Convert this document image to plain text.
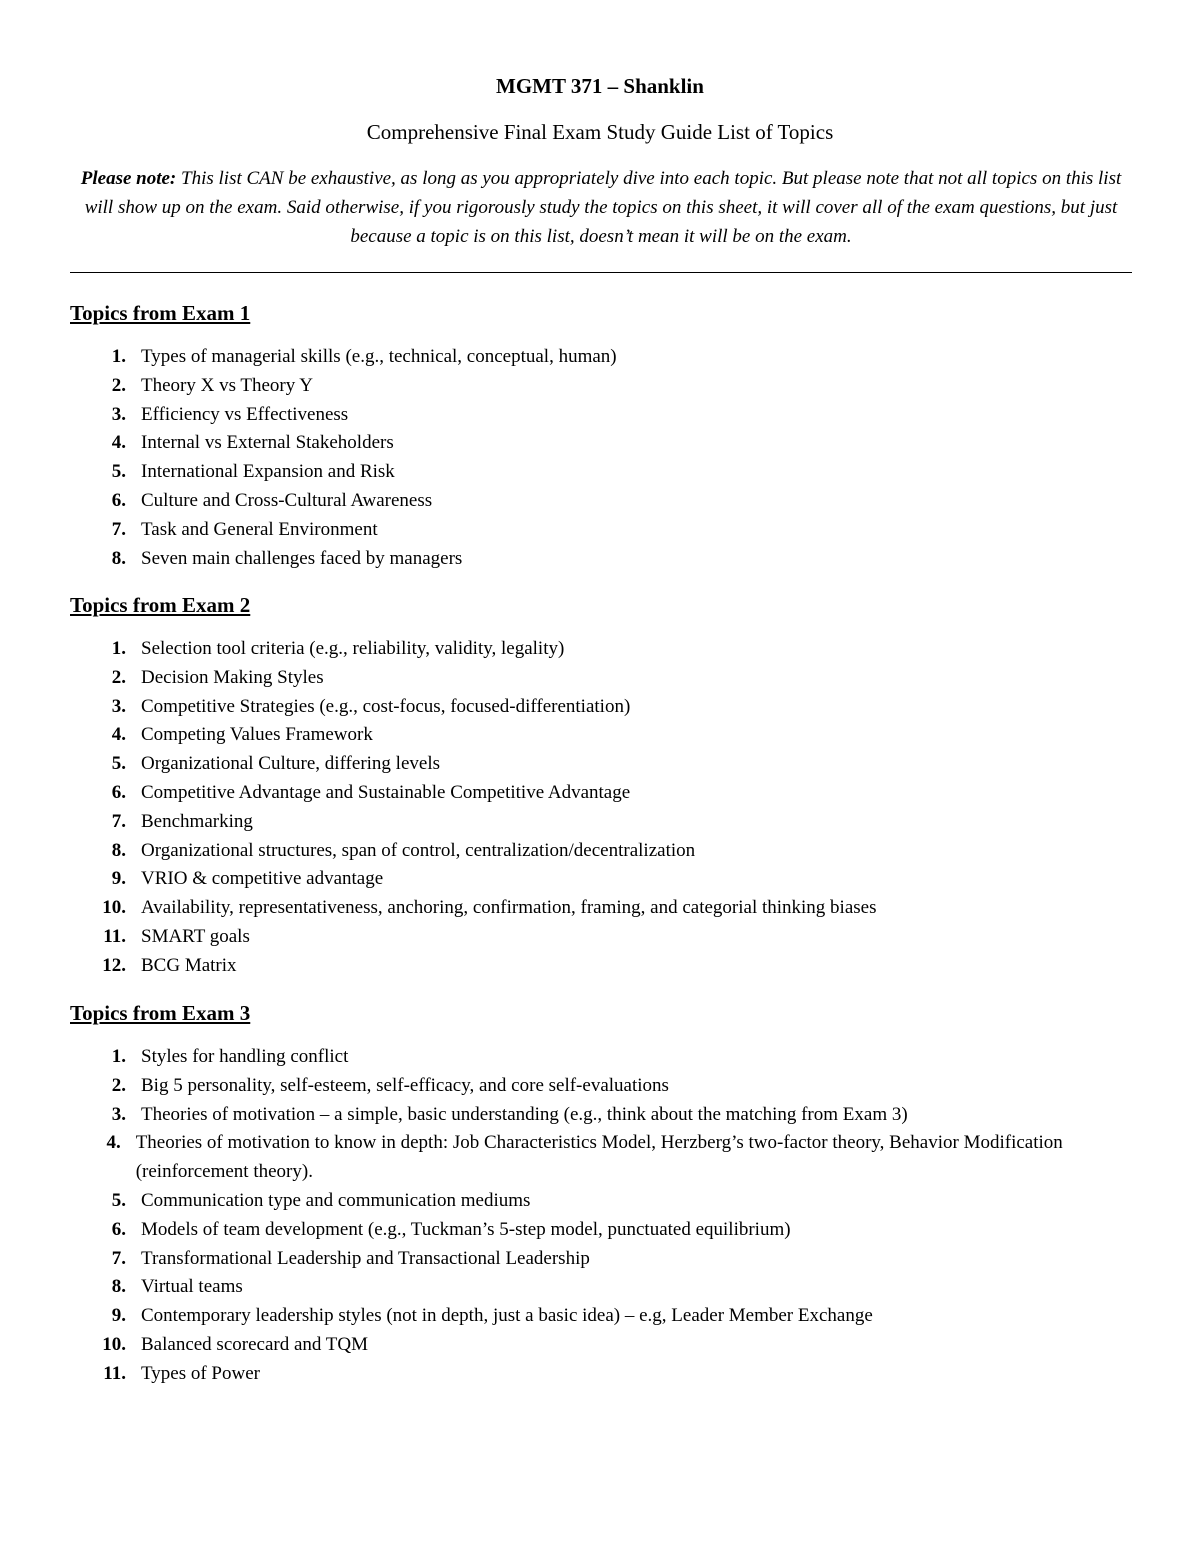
MGMT 371 – Shanklin
Comprehensive Final Exam Study Guide List of Topics
Please note: This list CAN be exhaustive, as long as you appropriately dive into each topic. But please note that not all topics on this list will show up on the exam. Said otherwise, if you rigorously study the topics on this sheet, it will cover all of the exam questions, but just because a topic is on this list, doesn’t mean it will be on the exam.
Topics from Exam 1
1. Types of managerial skills (e.g., technical, conceptual, human)
2. Theory X vs Theory Y
3. Efficiency vs Effectiveness
4. Internal vs External Stakeholders
5. International Expansion and Risk
6. Culture and Cross-Cultural Awareness
7. Task and General Environment
8. Seven main challenges faced by managers
Topics from Exam 2
1. Selection tool criteria (e.g., reliability, validity, legality)
2. Decision Making Styles
3. Competitive Strategies (e.g., cost-focus, focused-differentiation)
4. Competing Values Framework
5. Organizational Culture, differing levels
6. Competitive Advantage and Sustainable Competitive Advantage
7. Benchmarking
8. Organizational structures, span of control, centralization/decentralization
9. VRIO & competitive advantage
10. Availability, representativeness, anchoring, confirmation, framing, and categorial thinking biases
11. SMART goals
12. BCG Matrix
Topics from Exam 3
1. Styles for handling conflict
2. Big 5 personality, self-esteem, self-efficacy, and core self-evaluations
3. Theories of motivation – a simple, basic understanding (e.g., think about the matching from Exam 3)
4. Theories of motivation to know in depth: Job Characteristics Model, Herzberg’s two-factor theory, Behavior Modification (reinforcement theory).
5. Communication type and communication mediums
6. Models of team development (e.g., Tuckman’s 5-step model, punctuated equilibrium)
7. Transformational Leadership and Transactional Leadership
8. Virtual teams
9. Contemporary leadership styles (not in depth, just a basic idea) – e.g, Leader Member Exchange
10. Balanced scorecard and TQM
11. Types of Power
